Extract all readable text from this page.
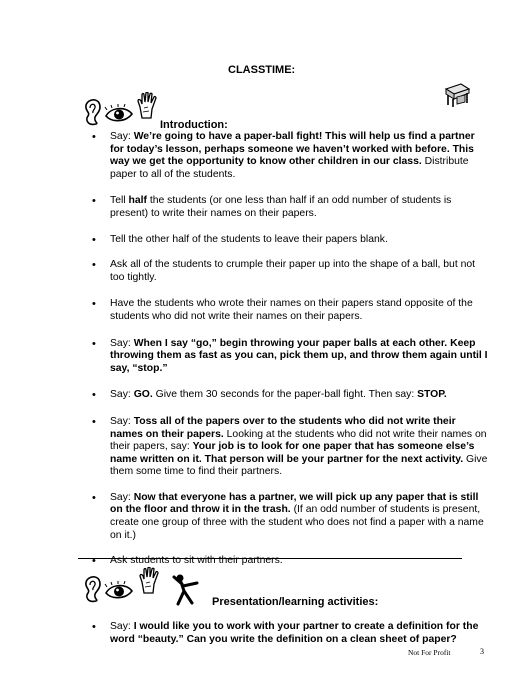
CLASSTIME:
Introduction:
• Say: We’re going to have a paper-ball fight! This will help us find a partner for today’s lesson, perhaps someone we haven’t worked with before. This way we get the opportunity to know other children in our class. Distribute paper to all of the students.
• Tell half the students (or one less than half if an odd number of students is present) to write their names on their papers.
• Tell the other half of the students to leave their papers blank.
• Ask all of the students to crumple their paper up into the shape of a ball, but not too tightly.
• Have the students who wrote their names on their papers stand opposite of the students who did not write their names on their papers.
• Say: When I say “go,” begin throwing your paper balls at each other. Keep throwing them as fast as you can, pick them up, and throw them again until I say, “stop.”
• Say: GO. Give them 30 seconds for the paper-ball fight. Then say: STOP.
• Say: Toss all of the papers over to the students who did not write their names on their papers. Looking at the students who did not write their names on their papers, say: Your job is to look for one paper that has someone else’s name written on it. That person will be your partner for the next activity. Give them some time to find their partners.
• Say: Now that everyone has a partner, we will pick up any paper that is still on the floor and throw it in the trash. (If an odd number of students is present, create one group of three with the student who does not find a paper with a name on it.)
• Ask students to sit with their partners.
Presentation/learning activities:
• Say: I would like you to work with your partner to create a definition for the word “beauty.” Can you write the definition on a clean sheet of paper?
Not For Profit	3
